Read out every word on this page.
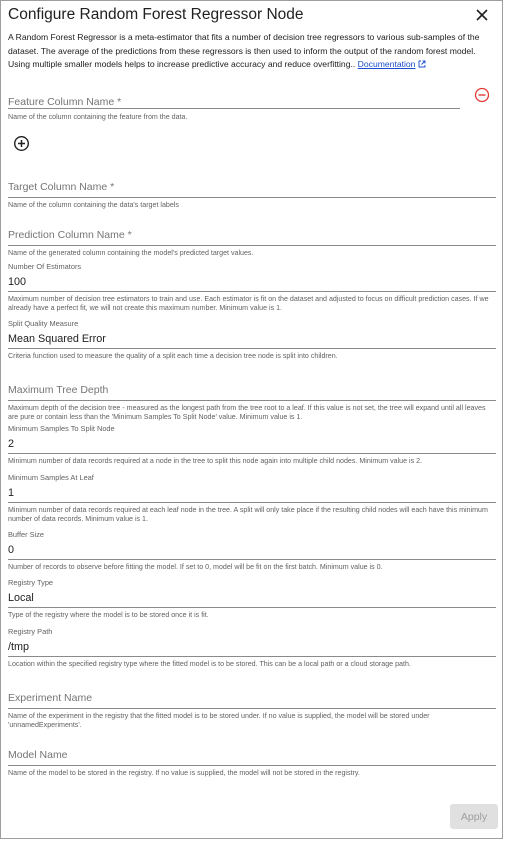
Configure Random Forest Regressor Node
A Random Forest Regressor is a meta-estimator that fits a number of decision tree regressors to various sub-samples of the dataset. The average of the predictions from these regressors is then used to inform the output of the random forest model. Using multiple smaller models helps to increase predictive accuracy and reduce overfitting.. Documentation
Feature Column Name *
Name of the column containing the feature from the data.
Target Column Name *
Name of the column containing the data's target labels
Prediction Column Name *
Name of the generated column containing the model's predicted target values.
Number Of Estimators
100
Maximum number of decision tree estimators to train and use. Each estimator is fit on the dataset and adjusted to focus on difficult prediction cases. If we already have a perfect fit, we will not create this maximum number. Minimum value is 1.
Split Quality Measure
Mean Squared Error
Criteria function used to measure the quality of a split each time a decision tree node is split into children.
Maximum Tree Depth
Maximum depth of the decision tree - measured as the longest path from the tree root to a leaf. If this value is not set, the tree will expand until all leaves are pure or contain less than the 'Minimum Samples To Split Node' value. Minimum value is 1.
Minimum Samples To Split Node
2
Minimum number of data records required at a node in the tree to split this node again into multiple child nodes. Minimum value is 2.
Minimum Samples At Leaf
1
Minimum number of data records required at each leaf node in the tree. A split will only take place if the resulting child nodes will each have this minimum number of data records. Minimum value is 1.
Buffer Size
0
Number of records to observe before fitting the model. If set to 0, model will be fit on the first batch. Minimum value is 0.
Registry Type
Local
Type of the registry where the model is to be stored once it is fit.
Registry Path
/tmp
Location within the specified registry type where the fitted model is to be stored. This can be a local path or a cloud storage path.
Experiment Name
Name of the experiment in the registry that the fitted model is to be stored under. If no value is supplied, the model will be stored under 'unnamedExperiments'.
Model Name
Name of the model to be stored in the registry. If no value is supplied, the model will not be stored in the registry.
Apply
